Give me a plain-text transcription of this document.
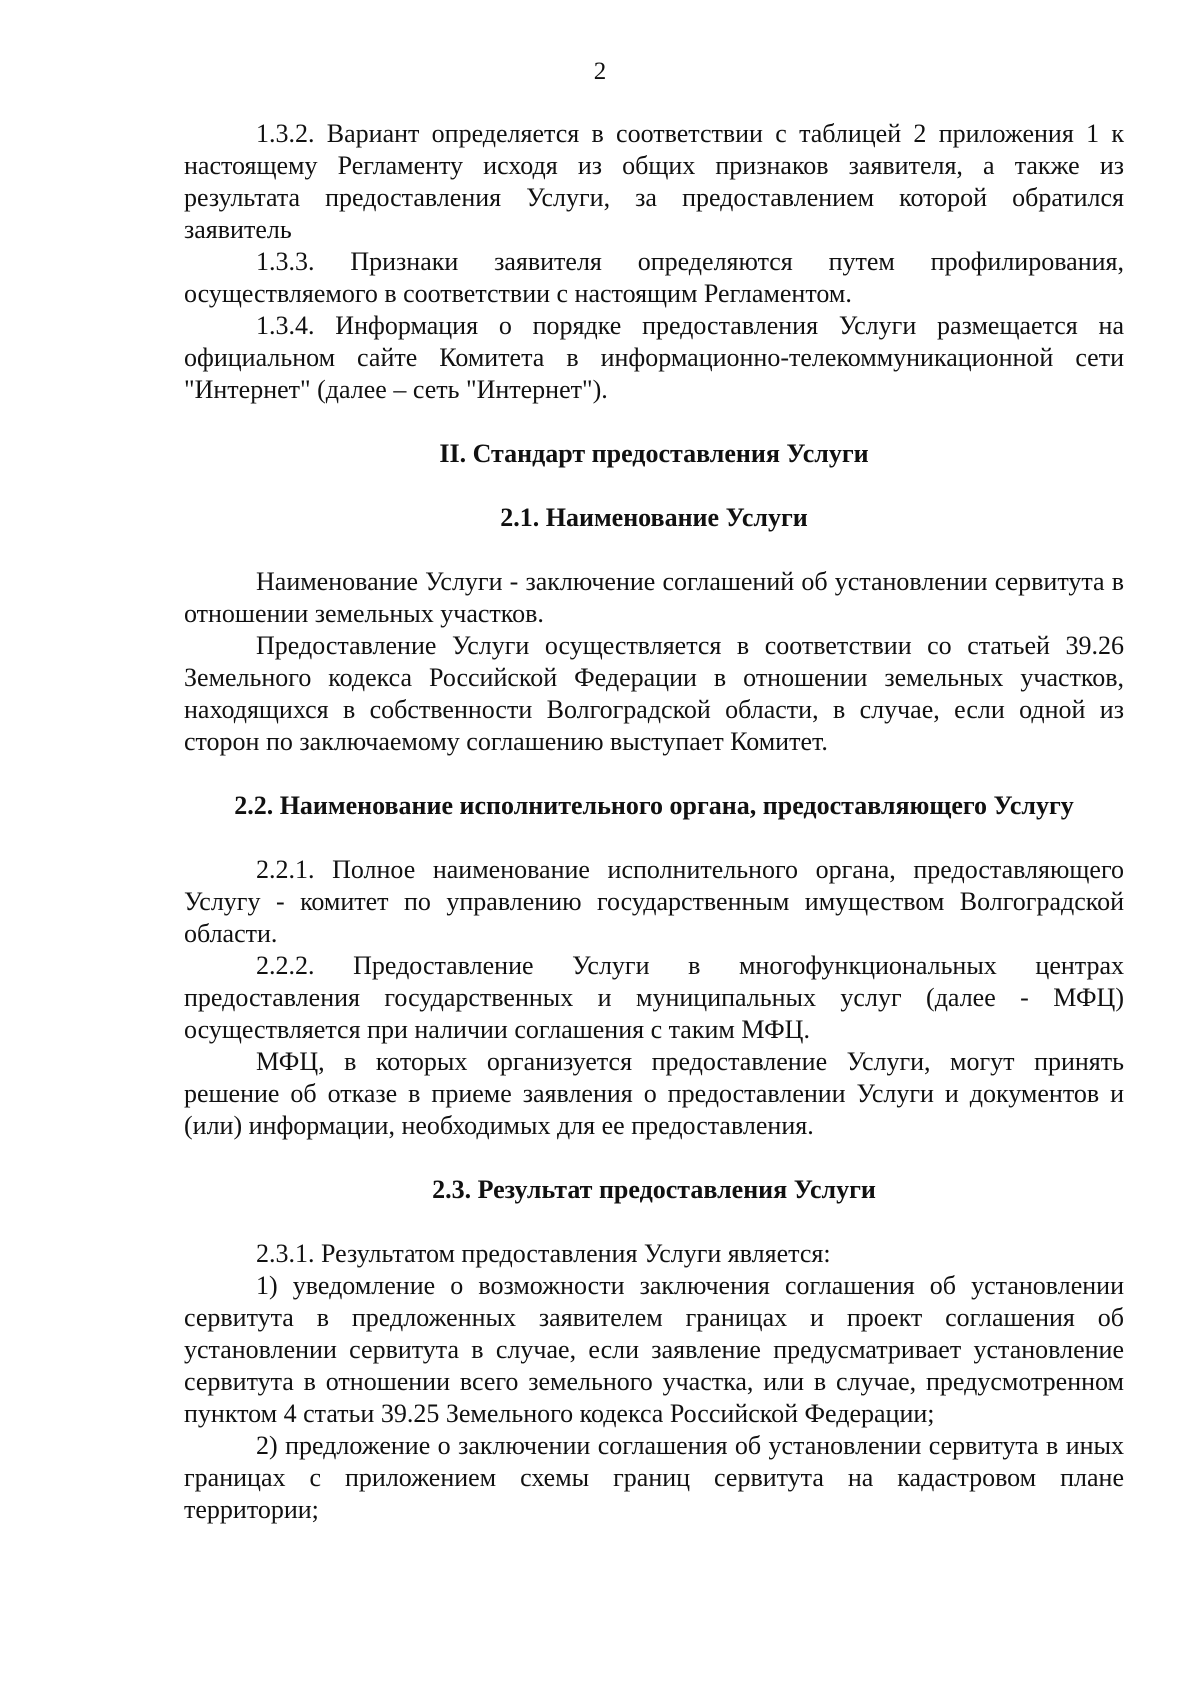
2

1.3.2. Вариант определяется в соответствии с таблицей 2 приложения 1 к настоящему Регламенту исходя из общих признаков заявителя, а также из результата предоставления Услуги, за предоставлением которой обратился заявитель

1.3.3. Признаки заявителя определяются путем профилирования, осуществляемого в соответствии с настоящим Регламентом.

1.3.4. Информация о порядке предоставления Услуги размещается на официальном сайте Комитета в информационно-телекоммуникационной сети "Интернет" (далее – сеть "Интернет").

II. Стандарт предоставления Услуги
2.1. Наименование Услуги

Наименование Услуги - заключение соглашений об установлении сервитута в отношении земельных участков.

Предоставление Услуги осуществляется в соответствии со статьей 39.26 Земельного кодекса Российской Федерации в отношении земельных участков, находящихся в собственности Волгоградской области, в случае, если одной из сторон по заключаемому соглашению выступает Комитет.

2.2. Наименование исполнительного органа, предоставляющего Услугу

2.2.1. Полное наименование исполнительного органа, предоставляющего Услугу - комитет по управлению государственным имуществом Волгоградской области.

2.2.2. Предоставление Услуги в многофункциональных центрах предоставления государственных и муниципальных услуг (далее - МФЦ) осуществляется при наличии соглашения с таким МФЦ.

МФЦ, в которых организуется предоставление Услуги, могут принять решение об отказе в приеме заявления о предоставлении Услуги и документов и (или) информации, необходимых для ее предоставления.

2.3. Результат предоставления Услуги

2.3.1. Результатом предоставления Услуги является:

1) уведомление о возможности заключения соглашения об установлении сервитута в предложенных заявителем границах и проект соглашения об установлении сервитута в случае, если заявление предусматривает установление сервитута в отношении всего земельного участка, или в случае, предусмотренном пунктом 4 статьи 39.25 Земельного кодекса Российской Федерации;

2) предложение о заключении соглашения об установлении сервитута в иных границах с приложением схемы границ сервитута на кадастровом плане территории;
